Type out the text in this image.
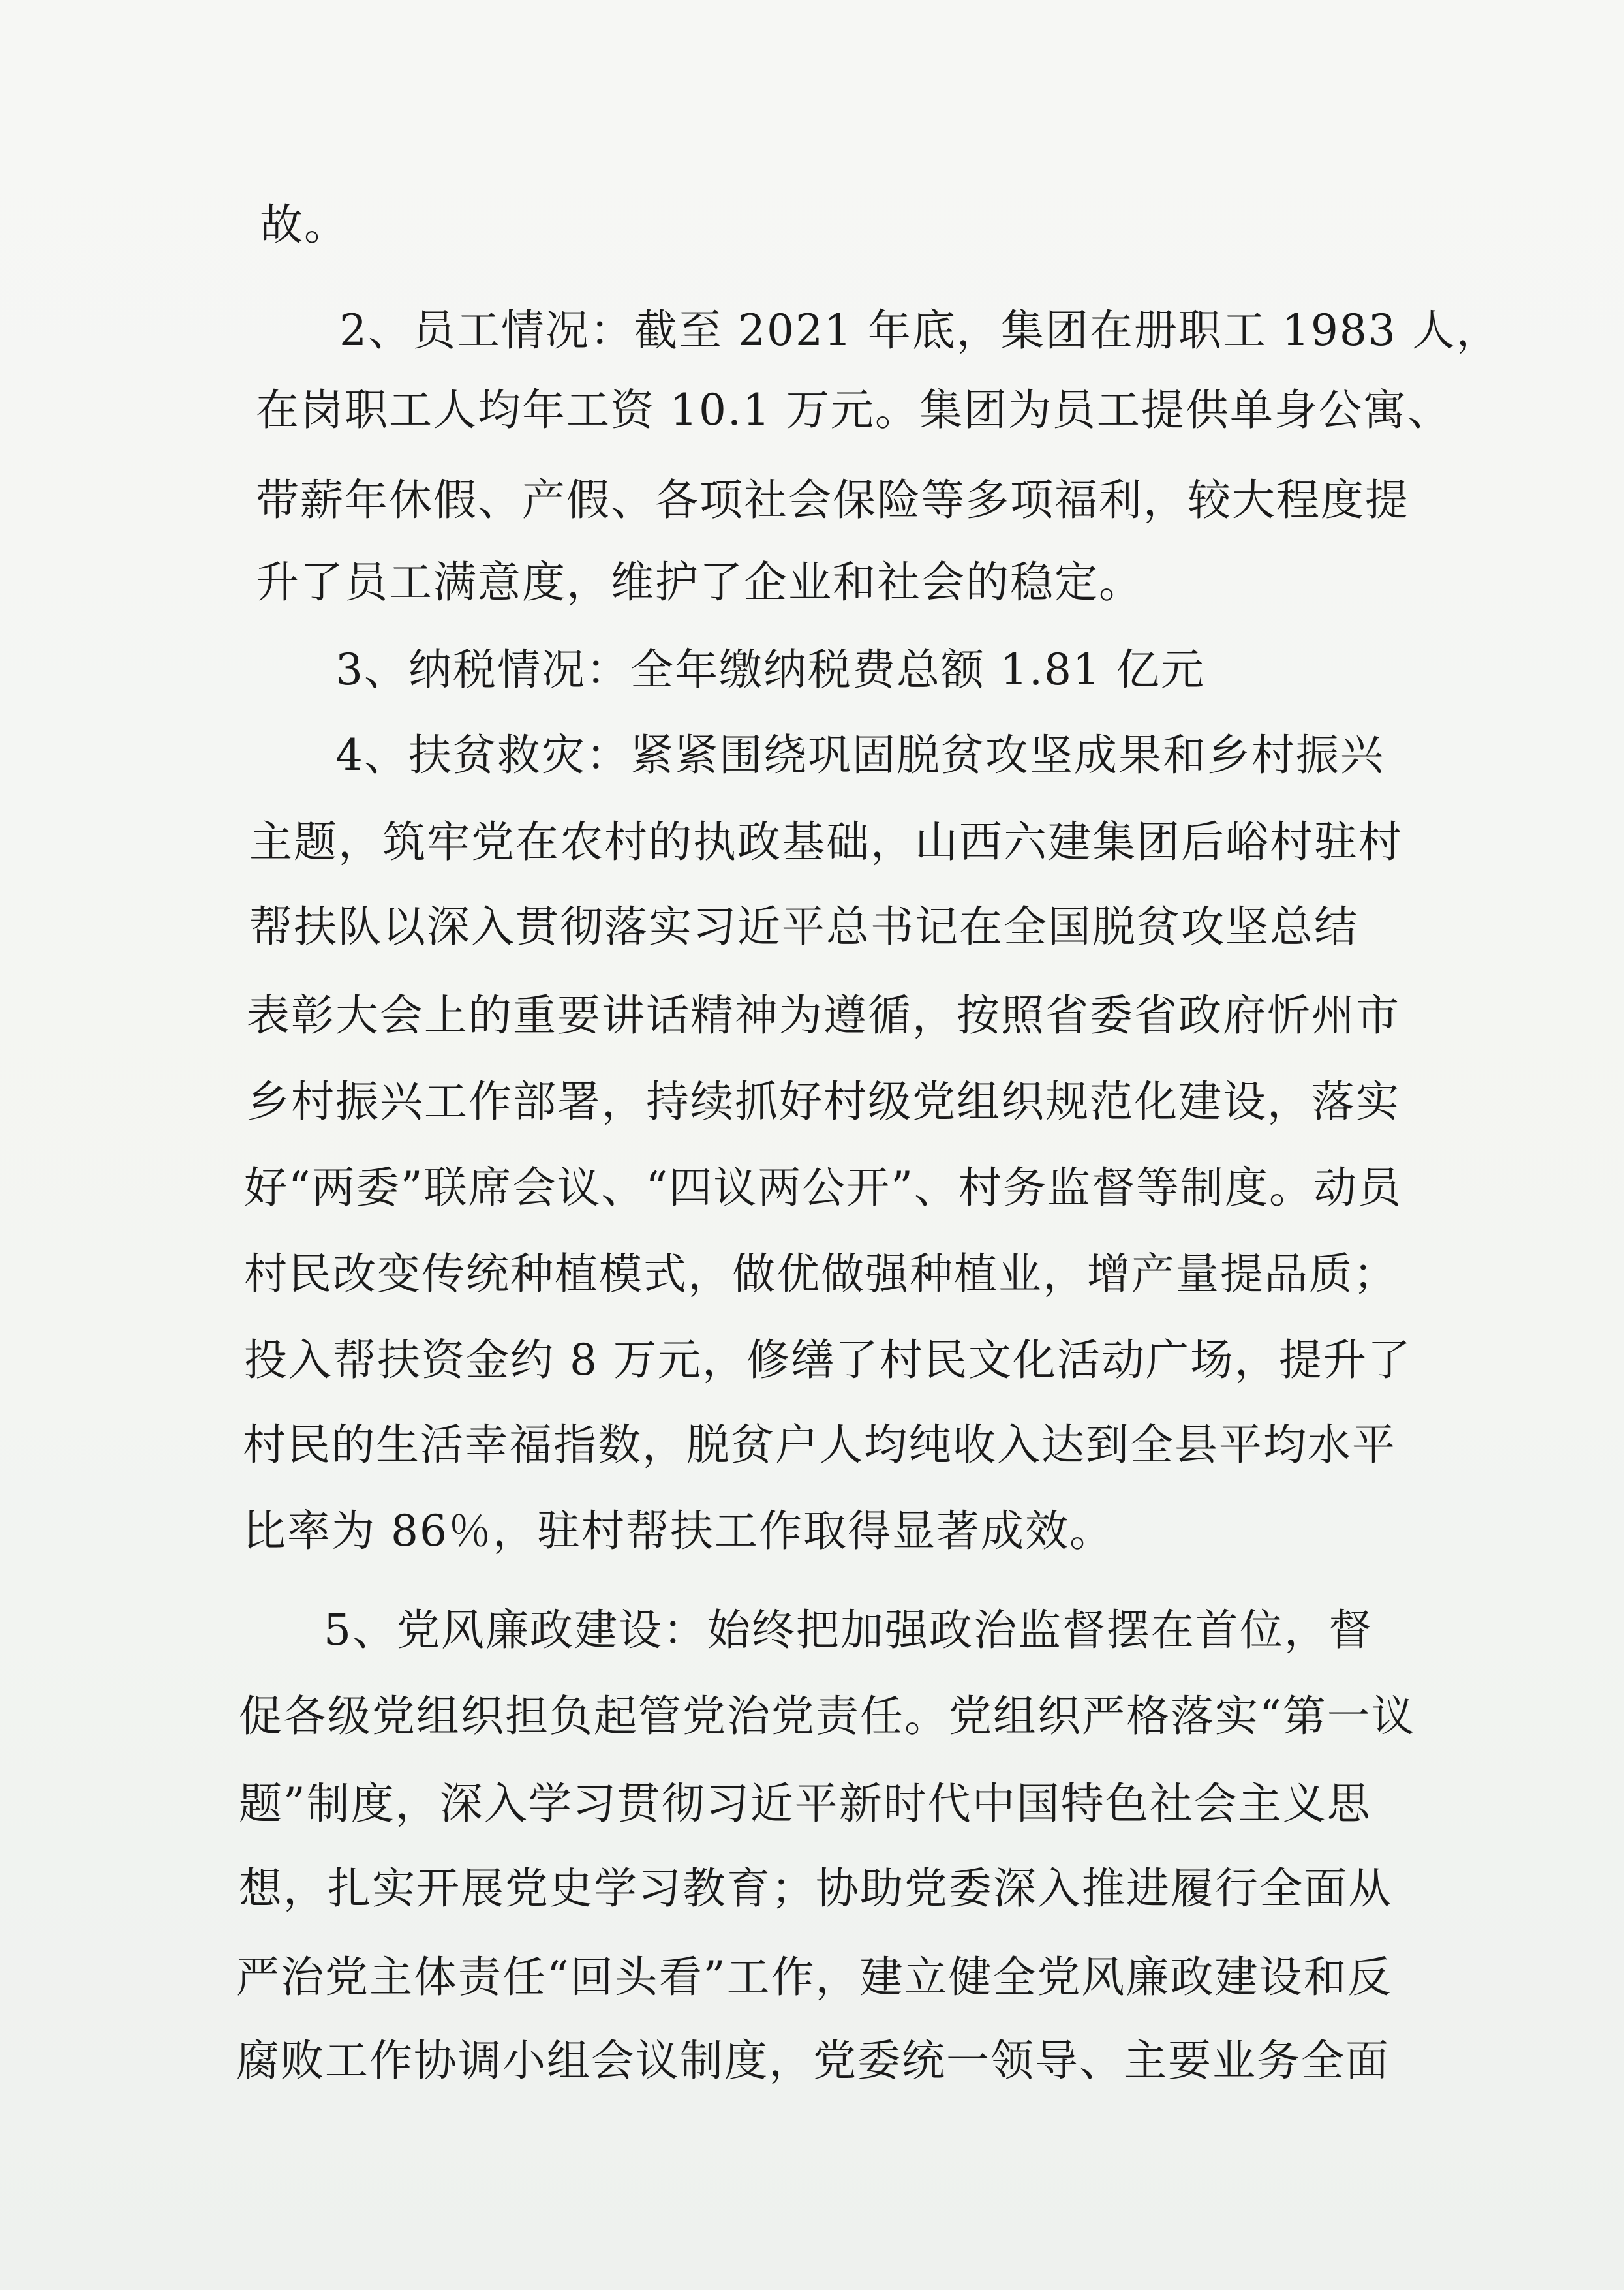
故。
2、员工情况：截至 2021 年底，集团在册职工 1983 人，
在岗职工人均年工资 10.1 万元。集团为员工提供单身公寓、
带薪年休假、产假、各项社会保险等多项福利，较大程度提
升了员工满意度，维护了企业和社会的稳定。
3、纳税情况：全年缴纳税费总额 1.81 亿元
4、扶贫救灾：紧紧围绕巩固脱贫攻坚成果和乡村振兴
主题，筑牢党在农村的执政基础，山西六建集团后峪村驻村
帮扶队以深入贯彻落实习近平总书记在全国脱贫攻坚总结
表彰大会上的重要讲话精神为遵循，按照省委省政府忻州市
乡村振兴工作部署，持续抓好村级党组织规范化建设，落实
好“两委”联席会议、“四议两公开”、村务监督等制度。动员
村民改变传统种植模式，做优做强种植业，增产量提品质；
投入帮扶资金约 8 万元，修缮了村民文化活动广场，提升了
村民的生活幸福指数，脱贫户人均纯收入达到全县平均水平
比率为 86％，驻村帮扶工作取得显著成效。
5、党风廉政建设：始终把加强政治监督摆在首位，督
促各级党组织担负起管党治党责任。党组织严格落实“第一议
题”制度，深入学习贯彻习近平新时代中国特色社会主义思
想，扎实开展党史学习教育；协助党委深入推进履行全面从
严治党主体责任“回头看”工作，建立健全党风廉政建设和反
腐败工作协调小组会议制度，党委统一领导、主要业务全面
